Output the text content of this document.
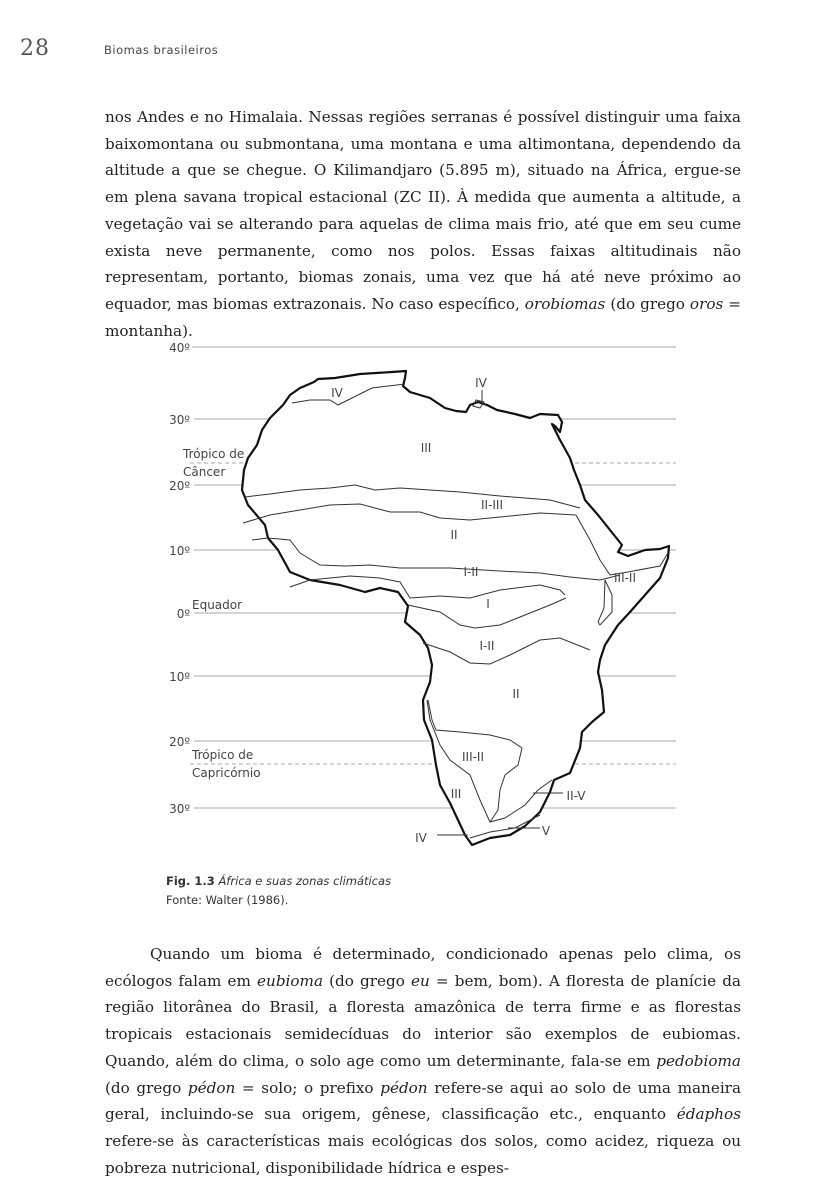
28	Biomas brasileiros

nos Andes e no Himalaia. Nessas regiões serranas é possível distinguir uma faixa baixomontana ou submontana, uma montana e uma altimontana, dependendo da altitude a que se chegue. O Kilimandjaro (5.895 m), situado na África, ergue-se em plena savana tropical estacional (ZC II). À medida que aumenta a altitude, a vegetação vai se alterando para aquelas de clima mais frio, até que em seu cume exista neve permanente, como nos polos. Essas faixas altitudinais não representam, portanto, biomas zonais, uma vez que há até neve próximo ao equador, mas biomas extrazonais. No caso específico, orobiomas (do grego oros = montanha).

40º
30º
20º
10º
0º
10º
20º
30º
Trópico de
Câncer
Equador
Trópico de
Capricórnio
IV
IV
III
II-III
II
I-II	III-II
I
I-II
II
III-II
III	II-V
V
IV
Fig. 1.3 África e suas zonas climáticas
Fonte: Walter (1986).

Quando um bioma é determinado, condicionado apenas pelo clima, os ecólogos falam em eubioma (do grego eu = bem, bom). A floresta de planície da região litorânea do Brasil, a floresta amazônica de terra firme e as florestas tropicais estacionais semidecíduas do interior são exemplos de eubiomas. Quando, além do clima, o solo age como um determinante, fala-se em pedobioma (do grego pédon = solo; o prefixo pédon refere-se aqui ao solo de uma maneira geral, incluindo-se sua origem, gênese, classificação etc., enquanto édaphos refere-se às características mais ecológicas dos solos, como acidez, riqueza ou pobreza nutricional, disponibilidade hídrica e espes-
